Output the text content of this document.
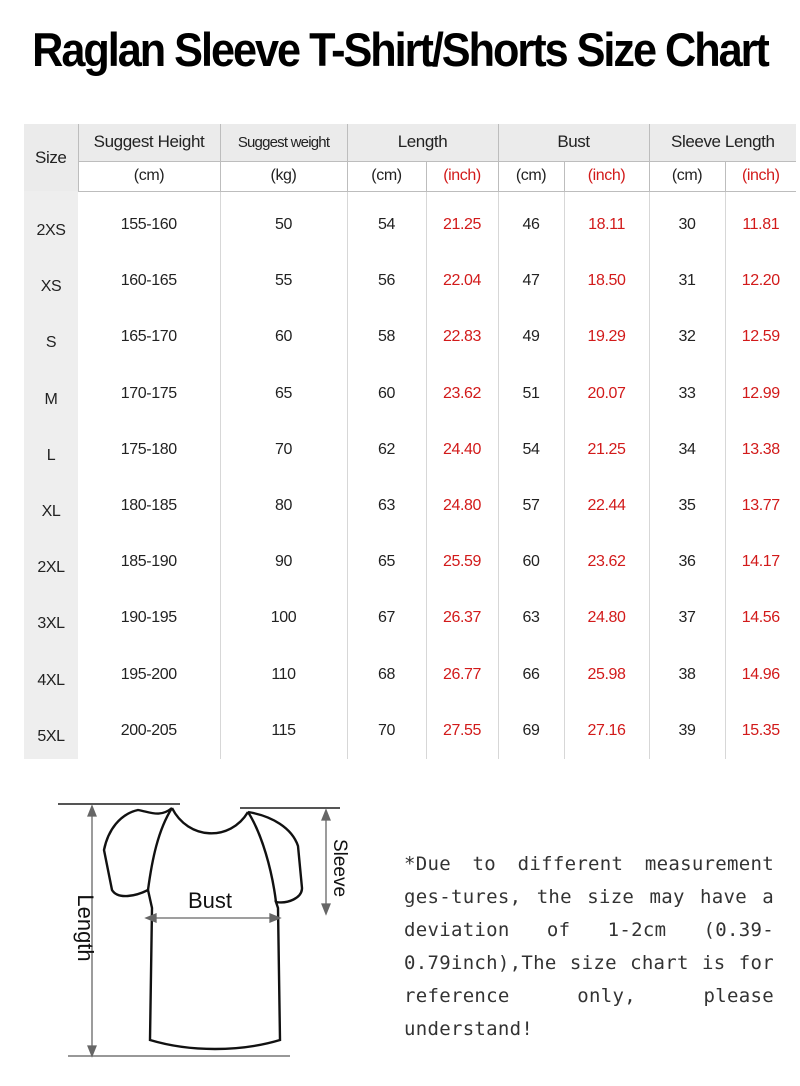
Raglan Sleeve T-Shirt/Shorts Size Chart
Size	Suggest Height	Suggest weight	Length		Bust		Sleeve Length	
	(cm)	(kg)	(cm)	(inch)	(cm)	(inch)	(cm)	(inch)

2XS	155-160	50	54	21.25	46	18.11	30	11.81
XS	160-165	55	56	22.04	47	18.50	31	12.20
S	165-170	60	58	22.83	49	19.29	32	12.59
M	170-175	65	60	23.62	51	20.07	33	12.99
L	175-180	70	62	24.40	54	21.25	34	13.38
XL	180-185	80	63	24.80	57	22.44	35	13.77
2XL	185-190	90	65	25.59	60	23.62	36	14.17
3XL	190-195	100	67	26.37	63	24.80	37	14.56
4XL	195-200	110	68	26.77	66	25.98	38	14.96
5XL	200-205	115	70	27.55	69	27.16	39	15.35
Length	Bust
Sleeve	*Due to different measurement ges-tures, the size may have a deviation of 1-2cm (0.39-0.79inch),The size chart is for reference only, please understand!
